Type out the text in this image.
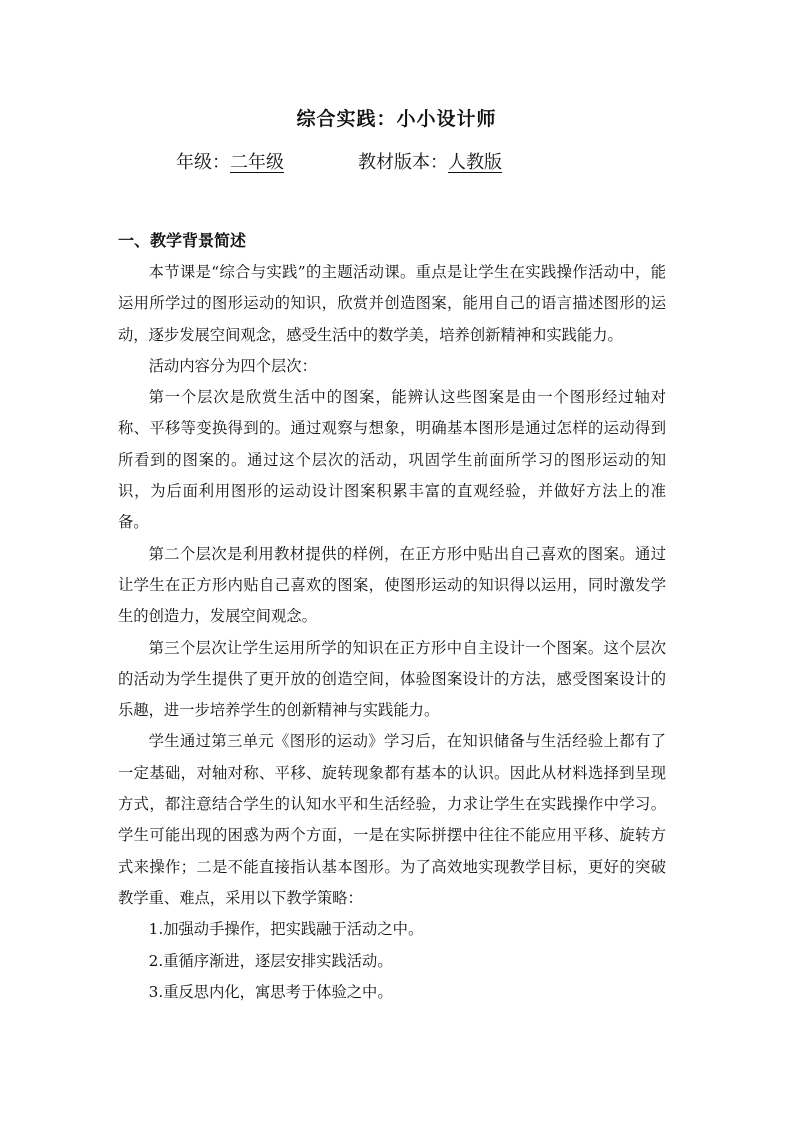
综合实践：小小设计师
年级：二年级	教材版本：人教版
一、教学背景简述

本节课是“综合与实践”的主题活动课。重点是让学生在实践操作活动中，能运用所学过的图形运动的知识，欣赏并创造图案，能用自己的语言描述图形的运动，逐步发展空间观念，感受生活中的数学美，培养创新精神和实践能力。

活动内容分为四个层次：

第一个层次是欣赏生活中的图案，能辨认这些图案是由一个图形经过轴对称、平移等变换得到的。通过观察与想象，明确基本图形是通过怎样的运动得到所看到的图案的。通过这个层次的活动，巩固学生前面所学习的图形运动的知识，为后面利用图形的运动设计图案积累丰富的直观经验，并做好方法上的准备。

第二个层次是利用教材提供的样例，在正方形中贴出自己喜欢的图案。通过让学生在正方形内贴自己喜欢的图案，使图形运动的知识得以运用，同时激发学生的创造力，发展空间观念。

第三个层次让学生运用所学的知识在正方形中自主设计一个图案。这个层次的活动为学生提供了更开放的创造空间，体验图案设计的方法，感受图案设计的乐趣，进一步培养学生的创新精神与实践能力。

学生通过第三单元《图形的运动》学习后，在知识储备与生活经验上都有了一定基础，对轴对称、平移、旋转现象都有基本的认识。因此从材料选择到呈现方式，都注意结合学生的认知水平和生活经验，力求让学生在实践操作中学习。学生可能出现的困惑为两个方面，一是在实际拼摆中往往不能应用平移、旋转方式来操作；二是不能直接指认基本图形。为了高效地实现教学目标，更好的突破教学重、难点，采用以下教学策略：

1.加强动手操作，把实践融于活动之中。

2.重循序渐进，逐层安排实践活动。

3.重反思内化，寓思考于体验之中。
